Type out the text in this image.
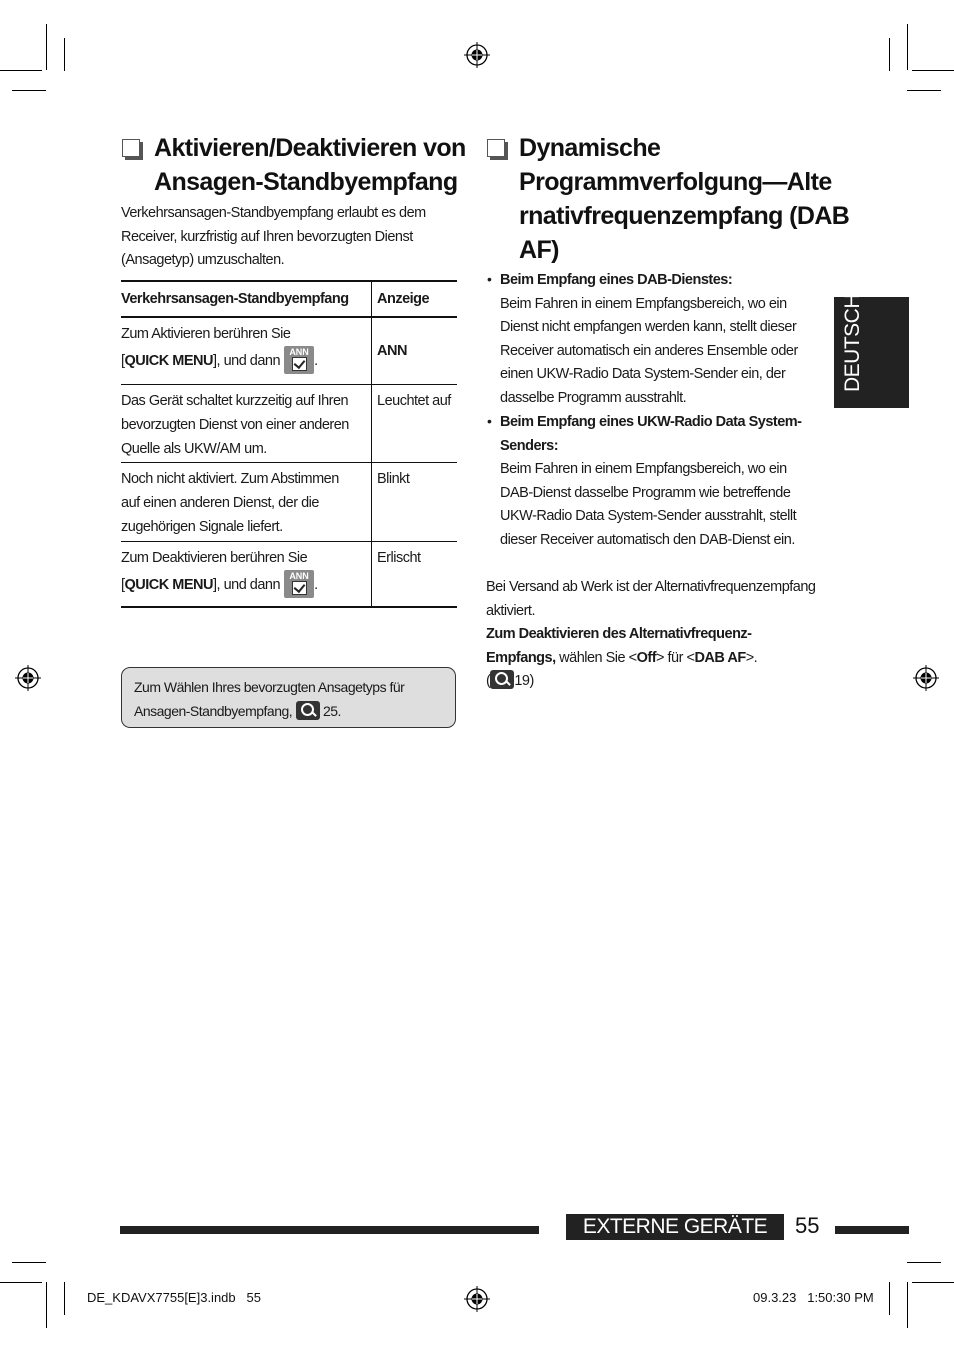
Aktivieren/Deaktivieren von
Ansagen-Standbyempfang
Verkehrsansagen-Standbyempfang erlaubt es dem
Receiver, kurzfristig auf Ihren bevorzugten Dienst
(Ansagetyp) umzuschalten.
Verkehrsansagen-Standbyempfang Anzeige
Zum Aktivieren berühren Sie
[QUICK MENU], und dann
ANN
.
ANN
Das Gerät schaltet kurzzeitig auf Ihren
bevorzugten Dienst von einer anderen
Quelle als UKW/AM um.
Leuchtet auf
Noch nicht aktiviert. Zum Abstimmen
auf einen anderen Dienst, der die
zugehörigen Signale liefert.
Blinkt
Zum Deaktivieren berühren Sie
[QUICK MENU], und dann
ANN
.
Erlischt
Zum Wählen Ihres bevorzugten Ansagetyps für
Ansagen-Standbyempfang, 25.
Dynamische
Programmverfolgung—Alte
rnativfrequenzempfang (DAB
AF)
• Beim Empfang eines DAB-Dienstes:
Beim Fahren in einem Empfangsbereich, wo ein
Dienst nicht empfangen werden kann, stellt dieser
Receiver automatisch ein anderes Ensemble oder
einen UKW-Radio Data System-Sender ein, der
dasselbe Programm ausstrahlt.
• Beim Empfang eines UKW-Radio Data System-
Senders:
Beim Fahren in einem Empfangsbereich, wo ein
DAB-Dienst dasselbe Programm wie betreffende
UKW-Radio Data System-Sender ausstrahlt, stellt
dieser Receiver automatisch den DAB-Dienst ein.
Bei Versand ab Werk ist der Alternativfrequenzempfang
aktiviert.
Zum Deaktivieren des Alternativfrequenz-
Empfangs, wählen Sie <Off> für <DAB AF>.
( 19)
DEUTSCH
EXTERNE GERÄTE	55
DE_KDAVX7755[E]3.indb   55	09.3.23   1:50:30 PM
